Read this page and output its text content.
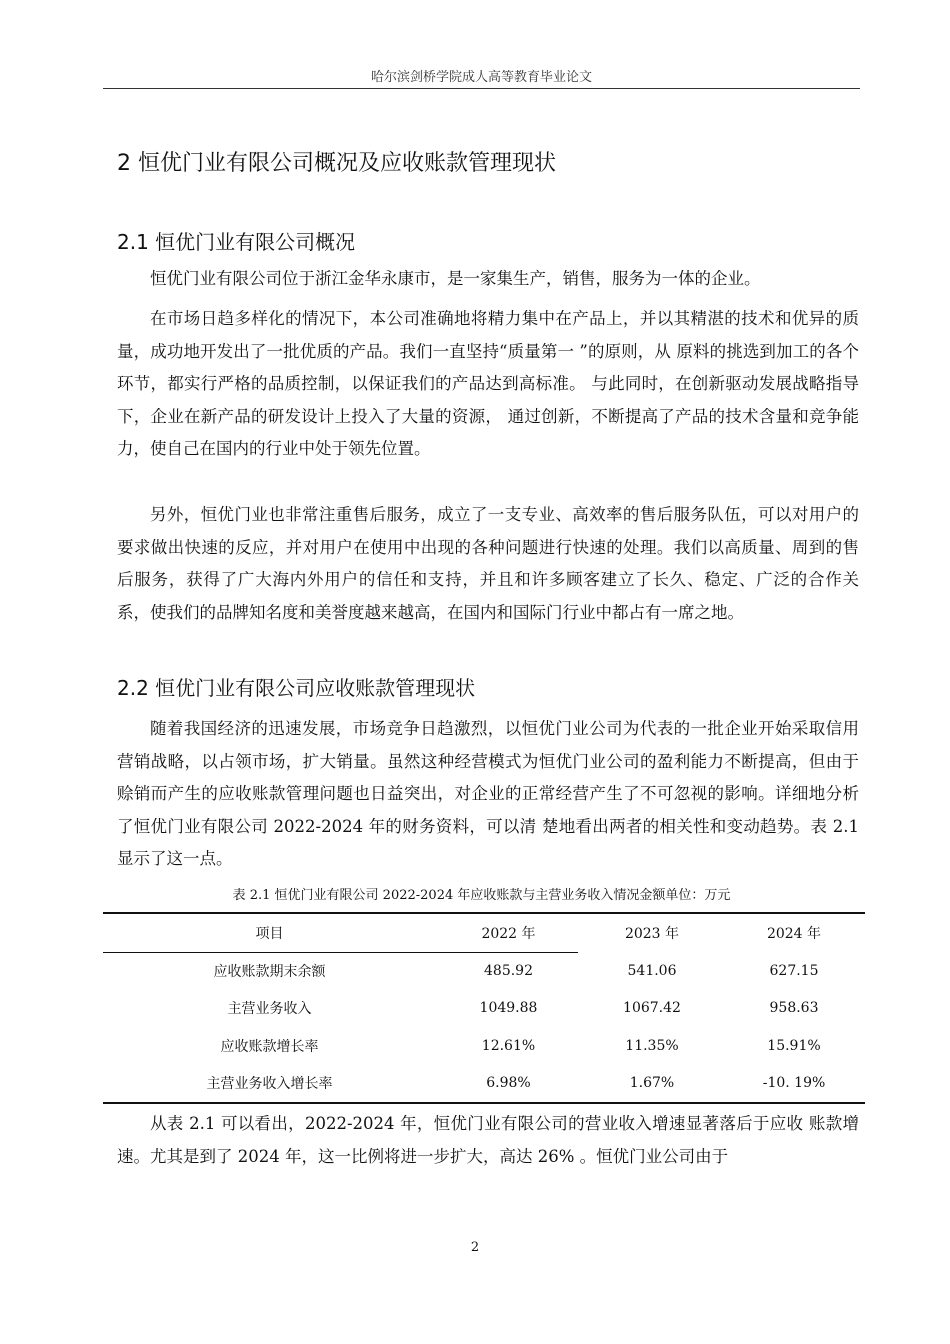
哈尔滨剑桥学院成人高等教育毕业论文
2 恒优门业有限公司概况及应收账款管理现状
2.1 恒优门业有限公司概况

恒优门业有限公司位于浙江金华永康市，是一家集生产，销售，服务为一体的企业。

在市场日趋多样化的情况下，本公司准确地将精力集中在产品上，并以其精湛的技术和优异的质量，成功地开发出了一批优质的产品。我们一直坚持“质量第一 ”的原则，从 原料的挑选到加工的各个环节，都实行严格的品质控制，以保证我们的产品达到高标准。 与此同时，在创新驱动发展战略指导下，企业在新产品的研发设计上投入了大量的资源， 通过创新，不断提高了产品的技术含量和竞争能力，使自己在国内的行业中处于领先位置。

另外，恒优门业也非常注重售后服务，成立了一支专业、高效率的售后服务队伍，可以对用户的要求做出快速的反应，并对用户在使用中出现的各种问题进行快速的处理。我们以高质量、周到的售后服务，获得了广大海内外用户的信任和支持，并且和许多顾客建立了长久、稳定、广泛的合作关系，使我们的品牌知名度和美誉度越来越高，在国内和国际门行业中都占有一席之地。

2.2 恒优门业有限公司应收账款管理现状

随着我国经济的迅速发展，市场竞争日趋激烈，以恒优门业公司为代表的一批企业开始采取信用营销战略，以占领市场，扩大销量。虽然这种经营模式为恒优门业公司的盈利能力不断提高，但由于赊销而产生的应收账款管理问题也日益突出，对企业的正常经营产生了不可忽视的影响。详细地分析了恒优门业有限公司 2022-2024 年的财务资料，可以清 楚地看出两者的相关性和变动趋势。表 2.1 显示了这一点。

表 2.1 恒优门业有限公司 2022-2024 年应收账款与主营业务收入情况金额单位：万元
项目	2022 年	2023 年	2024 年
应收账款期末余额	485.92	541.06	627.15
主营业务收入	1049.88	1067.42	958.63
应收账款增长率	12.61%	11.35%	15.91%
主营业务收入增长率	6.98%	1.67%	-10. 19%

从表 2.1 可以看出，2022-2024 年，恒优门业有限公司的营业收入增速显著落后于应收 账款增速。尤其是到了 2024 年，这一比例将进一步扩大，高达 26% 。恒优门业公司由于

2
